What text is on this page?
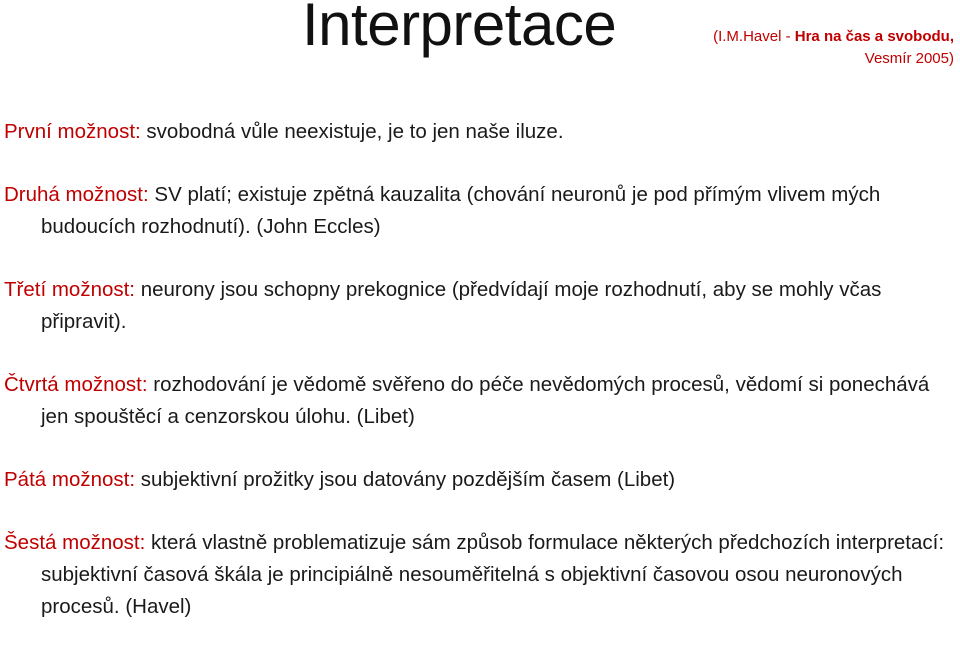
Interpretace	(I.M.Havel - Hra na čas a svobodu,
Vesmír 2005)

První možnost: svobodná vůle neexistuje, je to jen naše iluze.

Druhá možnost: SV platí; existuje zpětná kauzalita (chování neuronů je pod přímým vlivem mých budoucích rozhodnutí). (John Eccles)

Třetí možnost: neurony jsou schopny prekognice (předvídají moje rozhodnutí, aby se mohly včas připravit).

Čtvrtá možnost: rozhodování je vědomě svěřeno do péče nevědomých procesů, vědomí si ponechává jen spouštěcí a cenzorskou úlohu. (Libet)

Pátá možnost: subjektivní prožitky jsou datovány pozdějším časem (Libet)

Šestá možnost: která vlastně problematizuje sám způsob formulace některých předchozích interpretací: subjektivní časová škála je principiálně nesouměřitelná s objektivní časovou osou neuronových procesů. (Havel)
